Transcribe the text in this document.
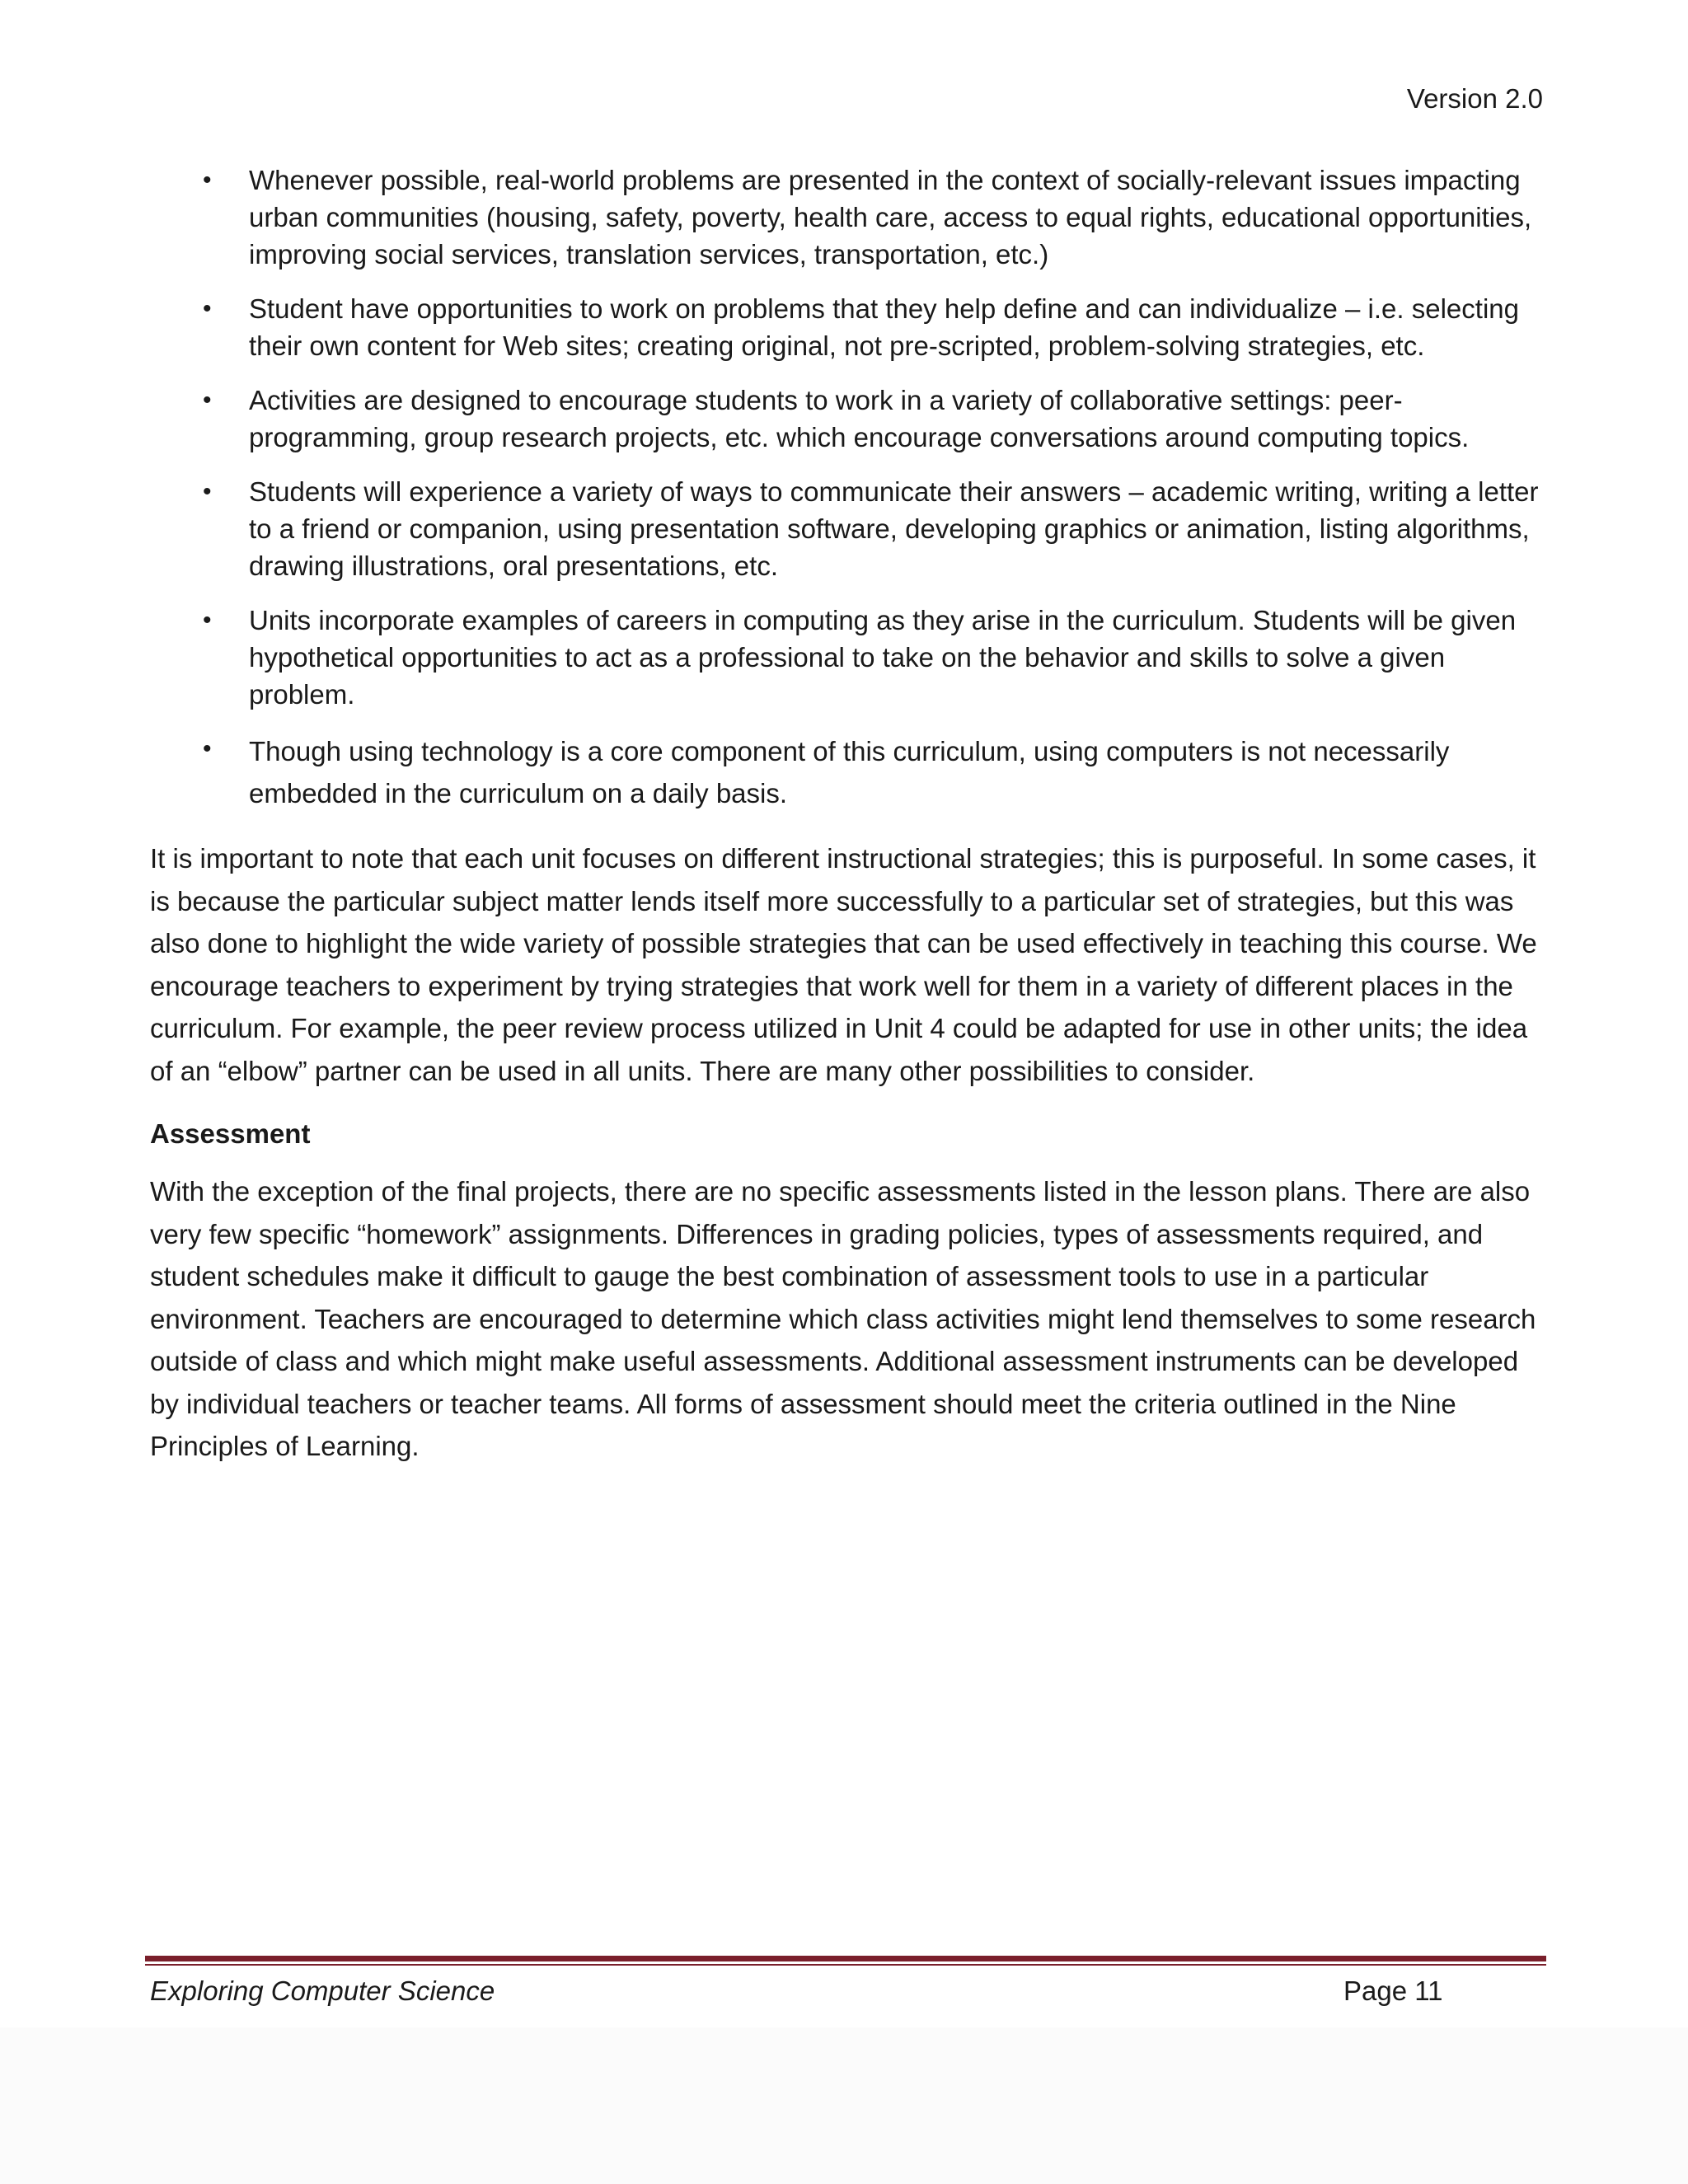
Version 2.0

• Whenever possible, real-world problems are presented in the context of socially-relevant issues impacting urban communities (housing, safety, poverty, health care, access to equal rights, educational opportunities, improving social services, translation services, transportation, etc.)
• Student have opportunities to work on problems that they help define and can individualize – i.e. selecting their own content for Web sites; creating original, not pre-scripted, problem-solving strategies, etc.
• Activities are designed to encourage students to work in a variety of collaborative settings: peer-programming, group research projects, etc. which encourage conversations around computing topics.
• Students will experience a variety of ways to communicate their answers – academic writing, writing a letter to a friend or companion, using presentation software, developing graphics or animation, listing algorithms, drawing illustrations, oral presentations, etc.
• Units incorporate examples of careers in computing as they arise in the curriculum. Students will be given hypothetical opportunities to act as a professional to take on the behavior and skills to solve a given problem.
• Though using technology is a core component of this curriculum, using computers is not necessarily embedded in the curriculum on a daily basis.

It is important to note that each unit focuses on different instructional strategies; this is purposeful. In some cases, it is because the particular subject matter lends itself more successfully to a particular set of strategies, but this was also done to highlight the wide variety of possible strategies that can be used effectively in teaching this course. We encourage teachers to experiment by trying strategies that work well for them in a variety of different places in the curriculum. For example, the peer review process utilized in Unit 4 could be adapted for use in other units; the idea of an “elbow” partner can be used in all units. There are many other possibilities to consider.

Assessment

With the exception of the final projects, there are no specific assessments listed in the lesson plans. There are also very few specific “homework” assignments. Differences in grading policies, types of assessments required, and student schedules make it difficult to gauge the best combination of assessment tools to use in a particular environment. Teachers are encouraged to determine which class activities might lend themselves to some research outside of class and which might make useful assessments. Additional assessment instruments can be developed by individual teachers or teacher teams. All forms of assessment should meet the criteria outlined in the Nine Principles of Learning.

Exploring Computer Science	Page 11
